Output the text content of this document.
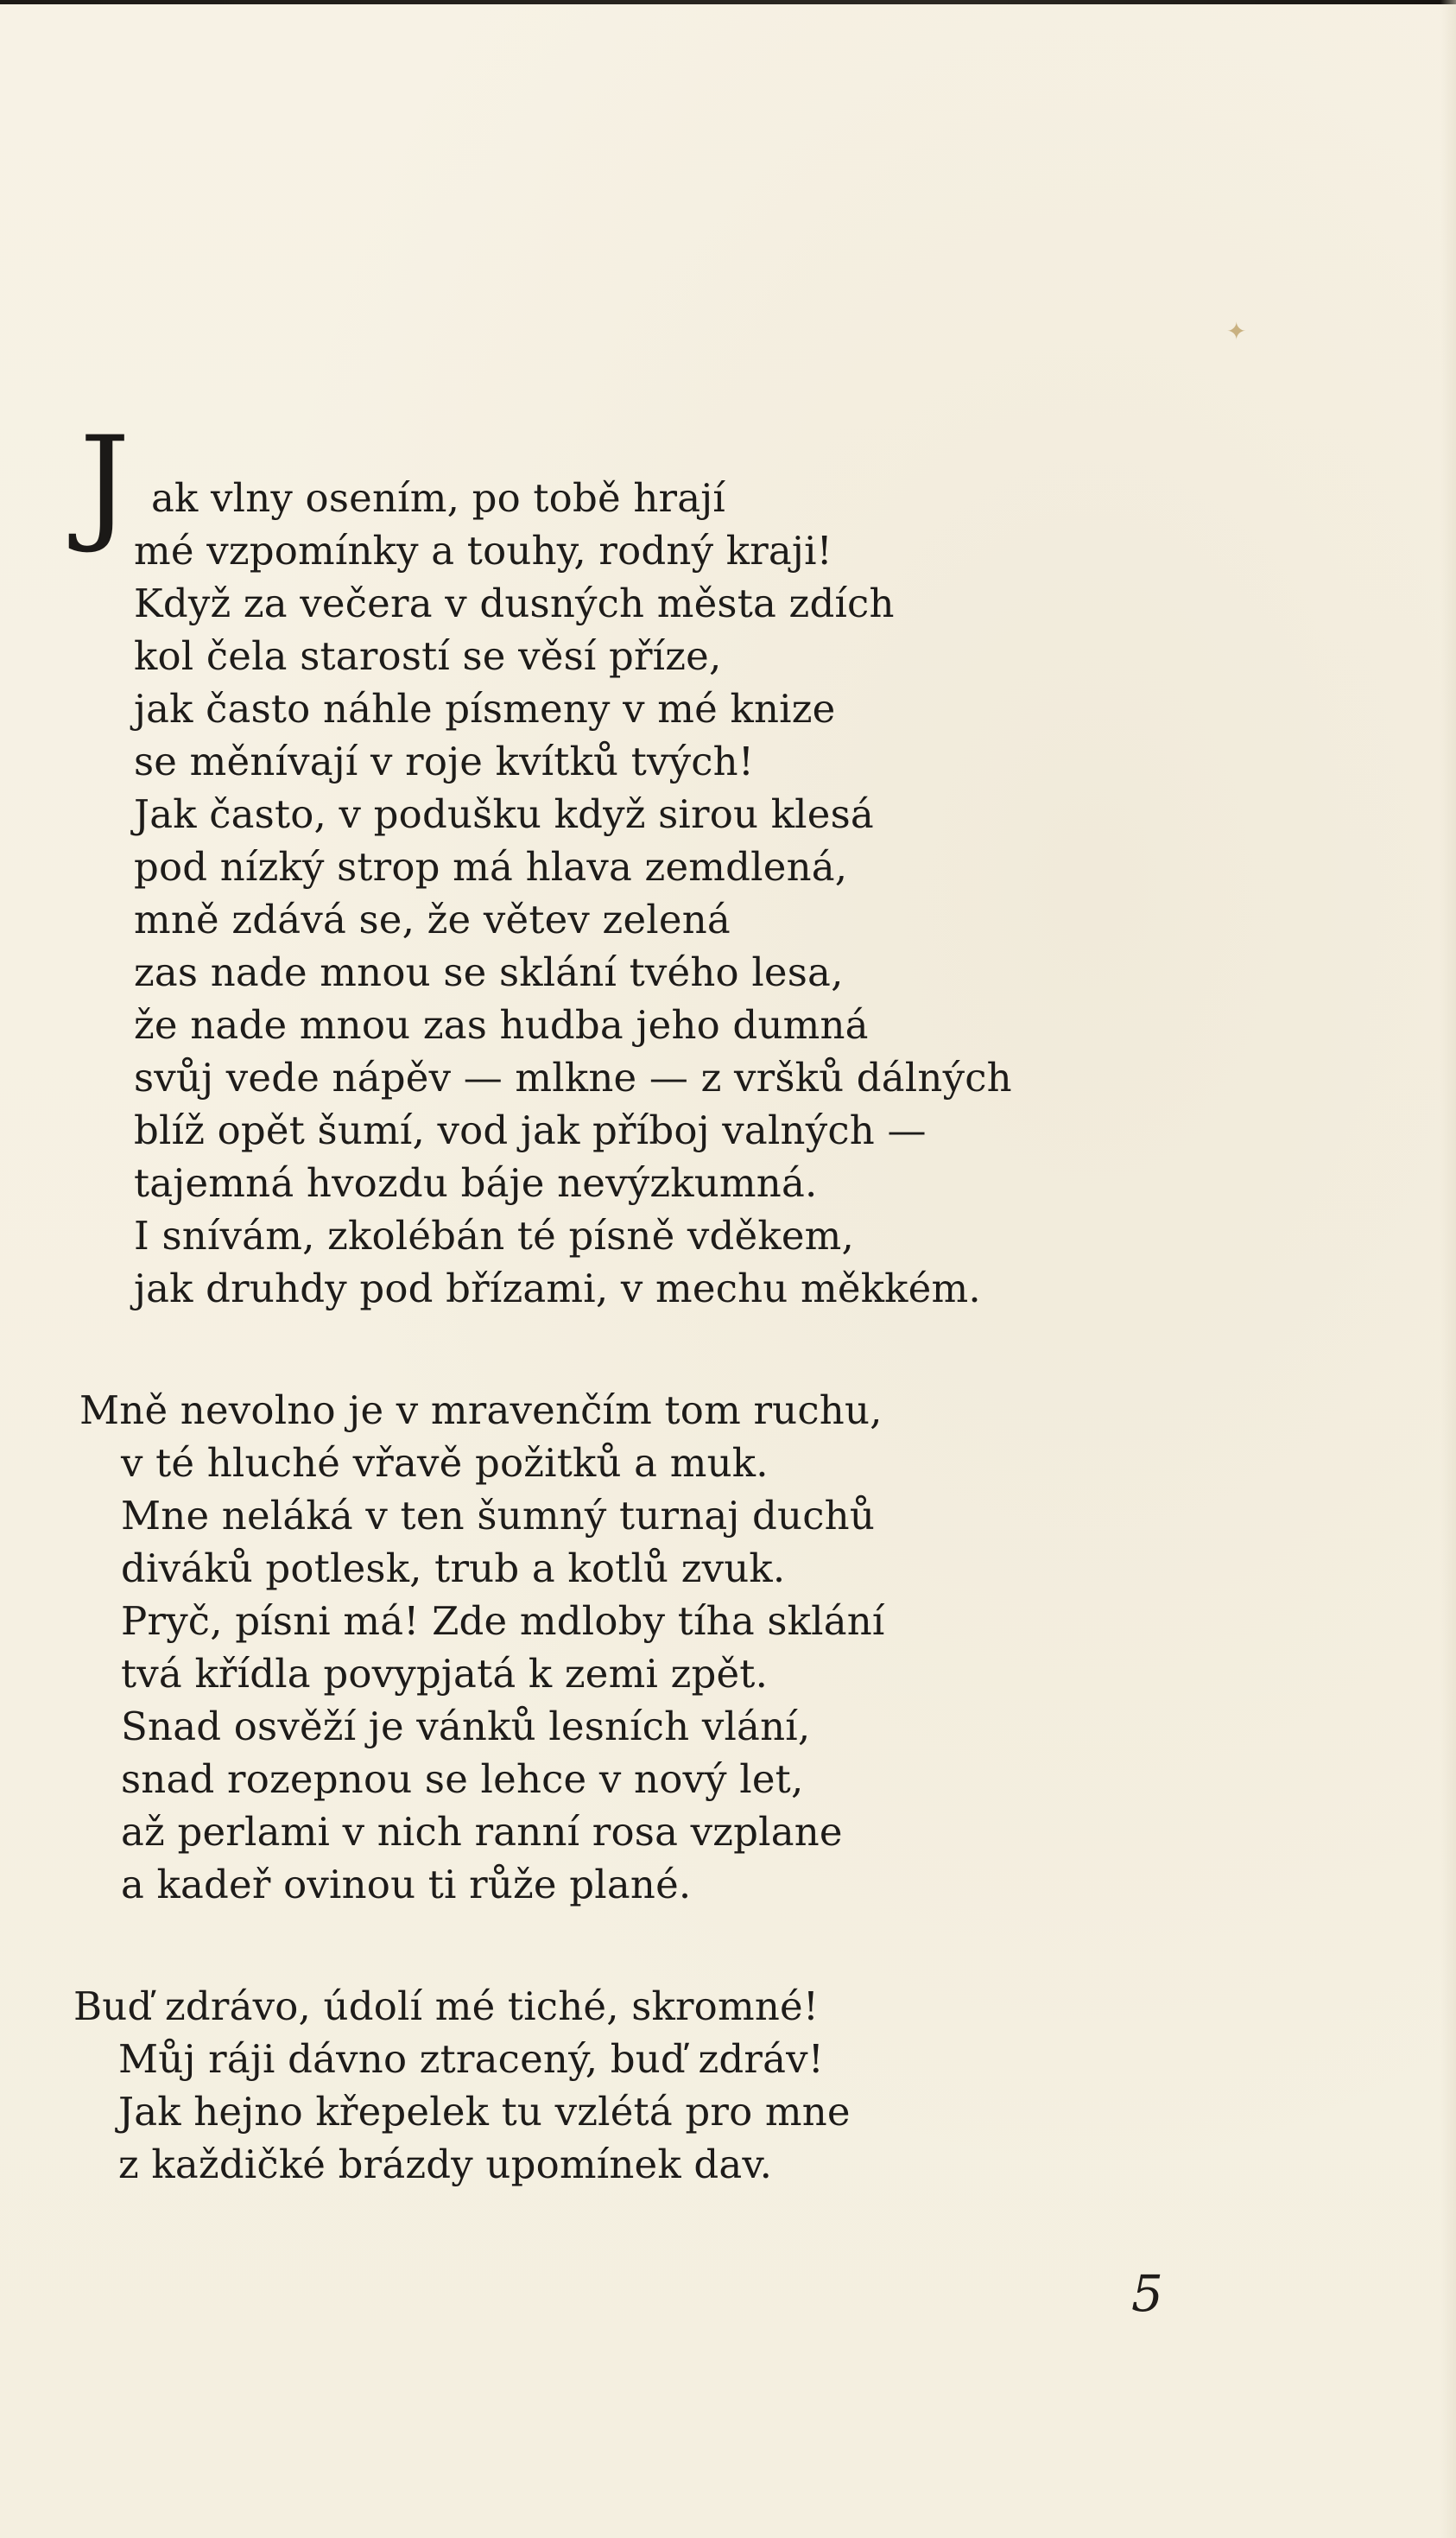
✦
J ak vlny osením, po tobě hrají
mé vzpomínky a touhy, rodný kraji!
Když za večera v dusných města zdích
kol čela starostí se věsí příze,
jak často náhle písmeny v mé knize
se měnívají v roje kvítků tvých!
Jak často, v podušku když sirou klesá
pod nízký strop má hlava zemdlená,
mně zdává se, že větev zelená
zas nade mnou se sklání tvého lesa,
že nade mnou zas hudba jeho dumná
svůj vede nápěv — mlkne — z vršků dálných
blíž opět šumí, vod jak příboj valných —
tajemná hvozdu báje nevýzkumná.
I snívám, zkolébán té písně vděkem,
jak druhdy pod břízami, v mechu měkkém.
Mně nevolno je v mravenčím tom ruchu,
v té hluché vřavě požitků a muk.
Mne neláká v ten šumný turnaj duchů
diváků potlesk, trub a kotlů zvuk.
Pryč, písni má! Zde mdloby tíha sklání
tvá křídla povypjatá k zemi zpět.
Snad osvěží je vánků lesních vlání,
snad rozepnou se lehce v nový let,
až perlami v nich ranní rosa vzplane
a kadeř ovinou ti růže plané.
Buď zdrávo, údolí mé tiché, skromné!
Můj ráji dávno ztracený, buď zdráv!
Jak hejno křepelek tu vzlétá pro mne
z každičké brázdy upomínek dav.
5
